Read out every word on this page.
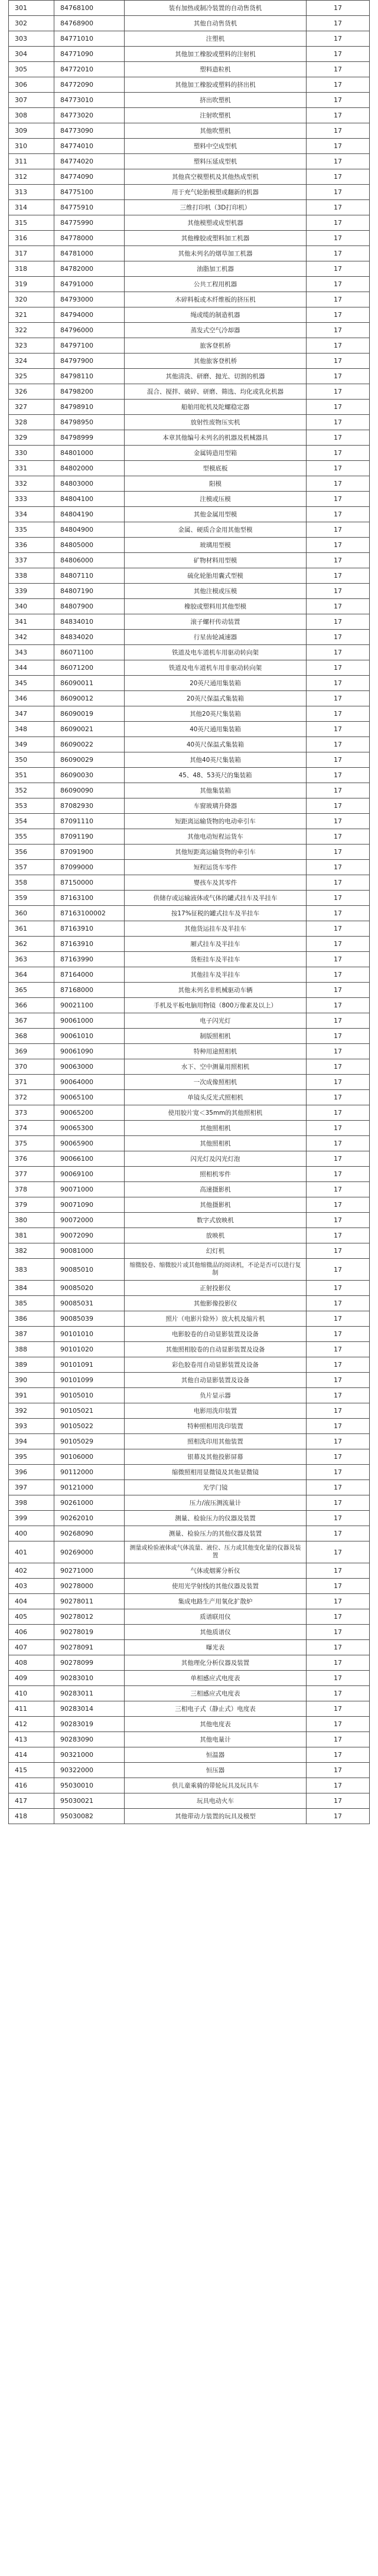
301	84768100	装有加热或制冷装置的自动售货机	17
302	84768900	其他自动售货机	17
303	84771010	注塑机	17
304	84771090	其他加工橡胶或塑料的注射机	17
305	84772010	塑料造粒机	17
306	84772090	其他加工橡胶或塑料的挤出机	17
307	84773010	挤出吹塑机	17
308	84773020	注射吹塑机	17
309	84773090	其他吹塑机	17
310	84774010	塑料中空成型机	17
311	84774020	塑料压延成型机	17
312	84774090	其他真空模塑机及其他热成型机	17
313	84775100	用于充气轮胎模塑或翻新的机器	17
314	84775910	三维打印机（3D打印机）	17
315	84775990	其他模塑或成型机器	17
316	84778000	其他橡胶或塑料加工机器	17
317	84781000	其他未列名的烟草加工机器	17
318	84782000	油脂加工机器	17
319	84791000	公共工程用机器	17
320	84793000	木碎料板或木纤维板的挤压机	17
321	84794000	绳或缆的制造机器	17
322	84796000	蒸发式空气冷却器	17
323	84797100	旅客登机桥	17
324	84797900	其他旅客登机桥	17
325	84798110	其他清洗、研磨、抛光、切割的机器	17
326	84798200	混合、搅拌、破碎、研磨、筛选、均化或乳化机器	17
327	84798910	船舶用舵机及陀螺稳定器	17
328	84798950	放射性废物压实机	17
329	84798999	本章其他编号未列名的机器及机械器具	17
330	84801000	金属铸造用型箱	17
331	84802000	型模底板	17
332	84803000	阳模	17
333	84804100	注模或压模	17
334	84804190	其他金属用型模	17
335	84804900	金属、硬质合金用其他型模	17
336	84805000	玻璃用型模	17
337	84806000	矿物材料用型模	17
338	84807110	硫化轮胎用囊式型模	17
339	84807190	其他注模或压模	17
340	84807900	橡胶或塑料用其他型模	17
341	84834010	滚子螺杆传动装置	17
342	84834020	行星齿轮减速器	17
343	86071100	铁道及电车道机车用驱动转向架	17
344	86071200	铁道及电车道机车用非驱动转向架	17
345	86090011	20英尺通用集装箱	17
346	86090012	20英尺保温式集装箱	17
347	86090019	其他20英尺集装箱	17
348	86090021	40英尺通用集装箱	17
349	86090022	40英尺保温式集装箱	17
350	86090029	其他40英尺集装箱	17
351	86090030	45、48、53英尺的集装箱	17
352	86090090	其他集装箱	17
353	87082930	车窗玻璃升降器	17
354	87091110	短距离运输货物的电动牵引车	17
355	87091190	其他电动短程运货车	17
356	87091900	其他短距离运输货物的牵引车	17
357	87099000	短程运货车零件	17
358	87150000	婴孩车及其零件	17
359	87163100	供储存或运输液体或气体的罐式挂车及半挂车	17
360	87163100002	按17%征税的罐式挂车及半挂车	17
361	87163910	其他货运挂车及半挂车	17
362	87163910	厢式挂车及半挂车	17
363	87163990	货柜挂车及半挂车	17
364	87164000	其他挂车及半挂车	17
365	87168000	其他未列名非机械驱动车辆	17
366	90021100	手机及平板电脑用物镜（800万像素及以上）	17
367	90061000	电子闪光灯	17
368	90061010	制版照相机	17
369	90061090	特种用途照相机	17
370	90063000	水下、空中测量用照相机	17
371	90064000	一次成像照相机	17
372	90065100	单镜头反光式照相机	17
373	90065200	使用胶片宽＜35mm的其他照相机	17
374	90065300	其他照相机	17
375	90065900	其他照相机	17
376	90066100	闪光灯及闪光灯泡	17
377	90069100	照相机零件	17
378	90071000	高速摄影机	17
379	90071090	其他摄影机	17
380	90072000	数字式放映机	17
381	90072090	放映机	17
382	90081000	幻灯机	17
383	90085010	缩微胶卷、缩微胶片或其他缩微品的阅读机，不论是否可以进行复制	17
384	90085020	正射投影仪	17
385	90085031	其他影像投影仪	17
386	90085039	照片（电影片除外）放大机及缩片机	17
387	90101010	电影胶卷的自动显影装置及设备	17
388	90101020	其他照相胶卷的自动显影装置及设备	17
389	90101091	彩色胶卷用自动显影装置及设备	17
390	90101099	其他自动显影装置及设备	17
391	90105010	负片显示器	17
392	90105021	电影用洗印装置	17
393	90105022	特种照相用洗印装置	17
394	90105029	照相洗印用其他装置	17
395	90106000	银幕及其他投影屏幕	17
396	90112000	缩微照相用显微镜及其他显微镜	17
397	90121000	光学门镜	17
398	90261000	压力/液压测流量计	17
399	90262010	测量、检验压力的仪器及装置	17
400	90268090	测量、检验压力的其他仪器及装置	17
401	90269000	测量或检验液体或气体流量、液位、压力或其他变化量的仪器及装置	17
402	90271000	气体或烟雾分析仪	17
403	90278000	使用光学射线的其他仪器及装置	17
404	90278011	集成电路生产用氧化扩散炉	17
405	90278012	质谱联用仪	17
406	90278019	其他质谱仪	17
407	90278091	曝光表	17
408	90278099	其他理化分析仪器及装置	17
409	90283010	单相感应式电度表	17
410	90283011	三相感应式电度表	17
411	90283014	三相电子式（静止式）电度表	17
412	90283019	其他电度表	17
413	90283090	其他电量计	17
414	90321000	恒温器	17
415	90322000	恒压器	17
416	95030010	供儿童乘骑的带轮玩具及玩具车	17
417	95030021	玩具电动火车	17
418	95030082	其他带动力装置的玩具及模型	17
